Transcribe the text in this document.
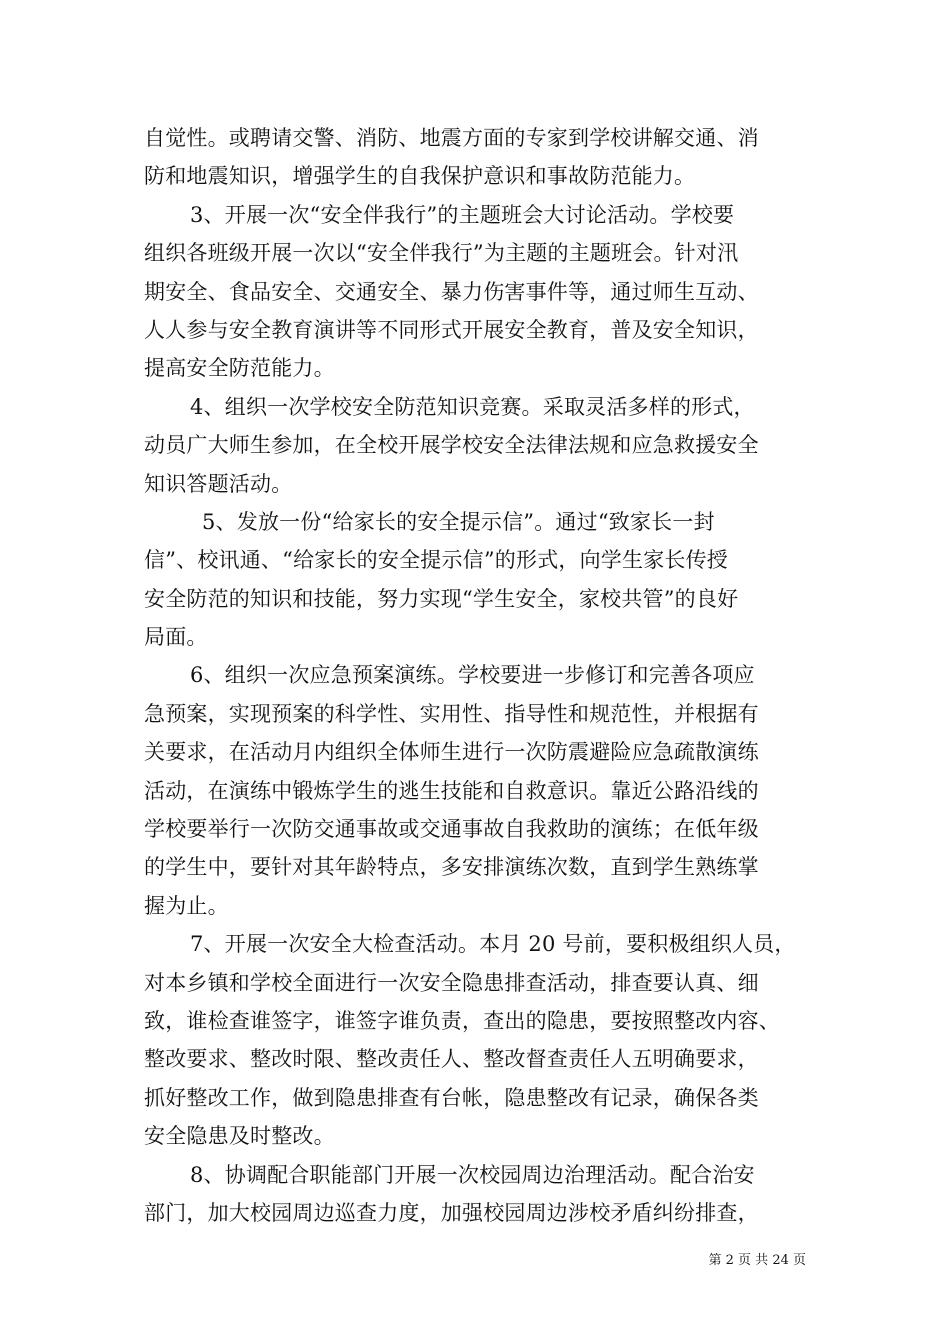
自觉性。或聘请交警、消防、地震方面的专家到学校讲解交通、消
防和地震知识，增强学生的自我保护意识和事故防范能力。
3、开展一次“安全伴我行”的主题班会大讨论活动。学校要
组织各班级开展一次以“安全伴我行”为主题的主题班会。针对汛
期安全、食品安全、交通安全、暴力伤害事件等，通过师生互动、
人人参与安全教育演讲等不同形式开展安全教育，普及安全知识，
提高安全防范能力。
4、组织一次学校安全防范知识竞赛。采取灵活多样的形式，
动员广大师生参加，在全校开展学校安全法律法规和应急救援安全
知识答题活动。
5、发放一份“给家长的安全提示信”。通过“致家长一封
信”、校讯通、“给家长的安全提示信”的形式，向学生家长传授
安全防范的知识和技能，努力实现“学生安全，家校共管”的良好
局面。
6、组织一次应急预案演练。学校要进一步修订和完善各项应
急预案，实现预案的科学性、实用性、指导性和规范性，并根据有
关要求，在活动月内组织全体师生进行一次防震避险应急疏散演练
活动，在演练中锻炼学生的逃生技能和自救意识。靠近公路沿线的
学校要举行一次防交通事故或交通事故自我救助的演练；在低年级
的学生中，要针对其年龄特点，多安排演练次数，直到学生熟练掌
握为止。
7、开展一次安全大检查活动。本月 20 号前，要积极组织人员，
对本乡镇和学校全面进行一次安全隐患排查活动，排查要认真、细
致，谁检查谁签字，谁签字谁负责，查出的隐患，要按照整改内容、
整改要求、整改时限、整改责任人、整改督查责任人五明确要求，
抓好整改工作，做到隐患排查有台帐，隐患整改有记录，确保各类
安全隐患及时整改。
8、协调配合职能部门开展一次校园周边治理活动。配合治安
部门，加大校园周边巡查力度，加强校园周边涉校矛盾纠纷排查，
第 2 页 共 24 页
